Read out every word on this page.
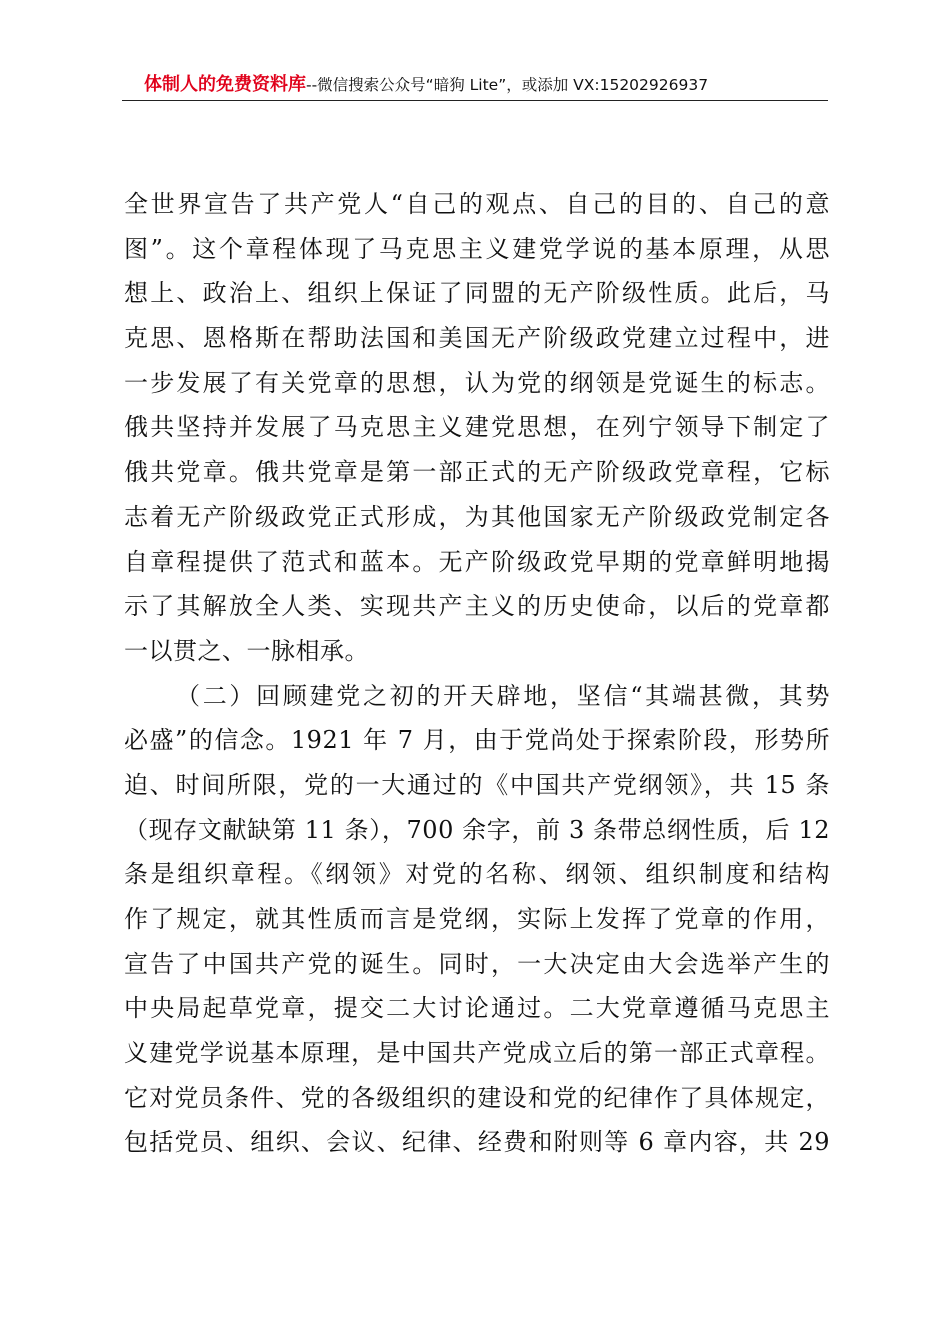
体制人的免费资料库--微信搜索公众号“暗狗 Lite”，或添加 VX:15202926937
全世界宣告了共产党人“自己的观点、自己的目的、自己的意
图”。这个章程体现了马克思主义建党学说的基本原理，从思
想上、政治上、组织上保证了同盟的无产阶级性质。此后，马
克思、恩格斯在帮助法国和美国无产阶级政党建立过程中，进
一步发展了有关党章的思想，认为党的纲领是党诞生的标志。
俄共坚持并发展了马克思主义建党思想，在列宁领导下制定了
俄共党章。俄共党章是第一部正式的无产阶级政党章程，它标
志着无产阶级政党正式形成，为其他国家无产阶级政党制定各
自章程提供了范式和蓝本。无产阶级政党早期的党章鲜明地揭
示了其解放全人类、实现共产主义的历史使命，以后的党章都
一以贯之、一脉相承。
（二）回顾建党之初的开天辟地，坚信“其端甚微，其势
必盛”的信念。1921 年 7 月，由于党尚处于探索阶段，形势所
迫、时间所限，党的一大通过的《中国共产党纲领》，共 15 条
（现存文献缺第 11 条），700 余字，前 3 条带总纲性质，后 12
条是组织章程。《纲领》对党的名称、纲领、组织制度和结构
作了规定，就其性质而言是党纲，实际上发挥了党章的作用，
宣告了中国共产党的诞生。同时，一大决定由大会选举产生的
中央局起草党章，提交二大讨论通过。二大党章遵循马克思主
义建党学说基本原理，是中国共产党成立后的第一部正式章程。
它对党员条件、党的各级组织的建设和党的纪律作了具体规定，
包括党员、组织、会议、纪律、经费和附则等 6 章内容，共 29
